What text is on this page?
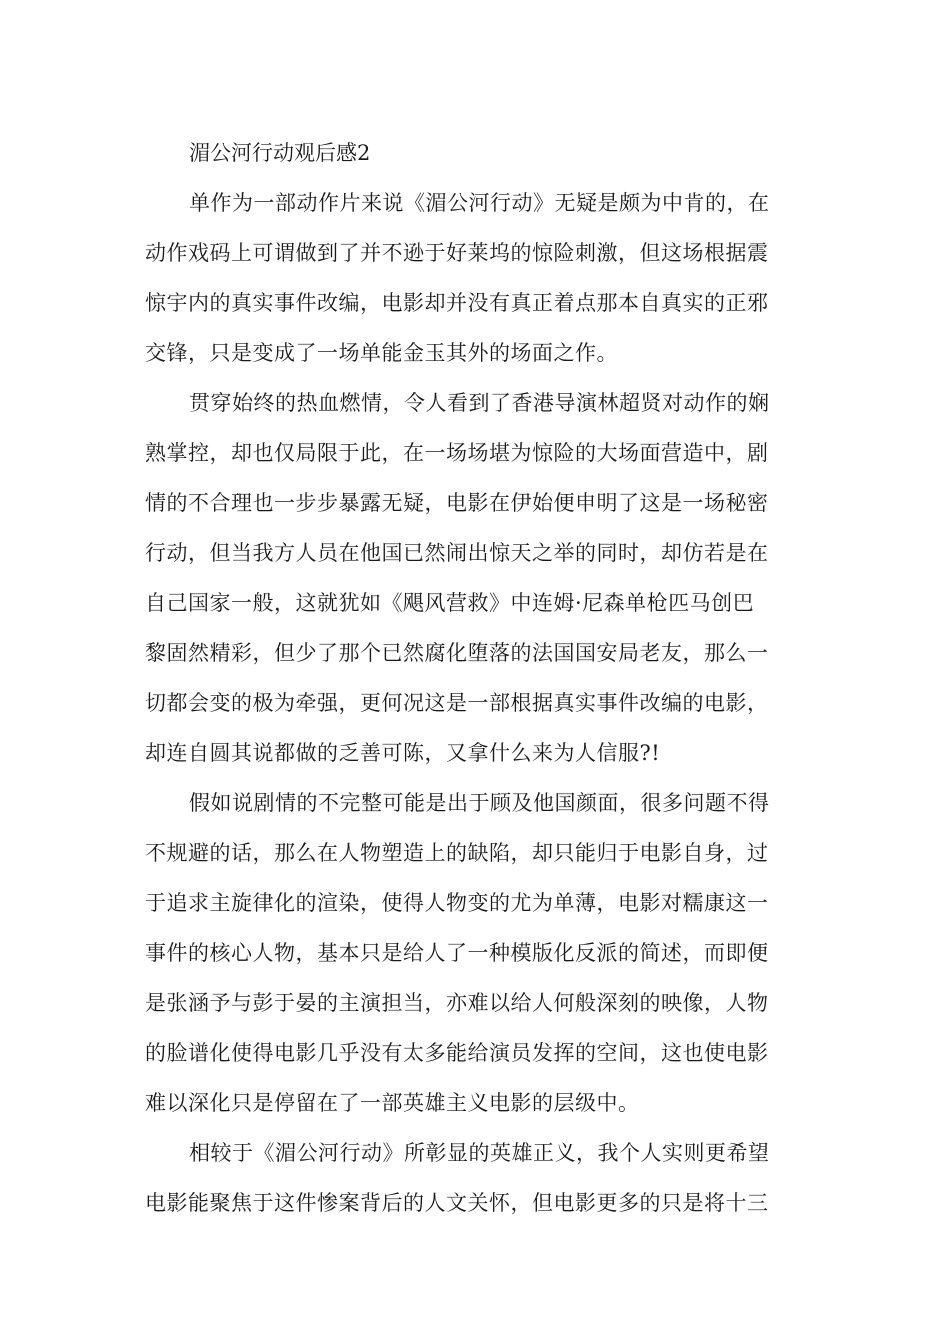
湄公河行动观后感2
单作为一部动作片来说《湄公河行动》无疑是颇为中肯的，在
动作戏码上可谓做到了并不逊于好莱坞的惊险刺激，但这场根据震
惊宇内的真实事件改编，电影却并没有真正着点那本自真实的正邪
交锋，只是变成了一场单能金玉其外的场面之作。
贯穿始终的热血燃情，令人看到了香港导演林超贤对动作的娴
熟掌控，却也仅局限于此，在一场场堪为惊险的大场面营造中，剧
情的不合理也一步步暴露无疑，电影在伊始便申明了这是一场秘密
行动，但当我方人员在他国已然闹出惊天之举的同时，却仿若是在
自己国家一般，这就犹如《飓风营救》中连姆·尼森单枪匹马创巴
黎固然精彩，但少了那个已然腐化堕落的法国国安局老友，那么一
切都会变的极为牵强，更何况这是一部根据真实事件改编的电影，
却连自圆其说都做的乏善可陈，又拿什么来为人信服?!
假如说剧情的不完整可能是出于顾及他国颜面，很多问题不得
不规避的话，那么在人物塑造上的缺陷，却只能归于电影自身，过
于追求主旋律化的渲染，使得人物变的尤为单薄，电影对糯康这一
事件的核心人物，基本只是给人了一种模版化反派的简述，而即便
是张涵予与彭于晏的主演担当，亦难以给人何般深刻的映像，人物
的脸谱化使得电影几乎没有太多能给演员发挥的空间，这也使电影
难以深化只是停留在了一部英雄主义电影的层级中。
相较于《湄公河行动》所彰显的英雄正义，我个人实则更希望
电影能聚焦于这件惨案背后的人文关怀，但电影更多的只是将十三
